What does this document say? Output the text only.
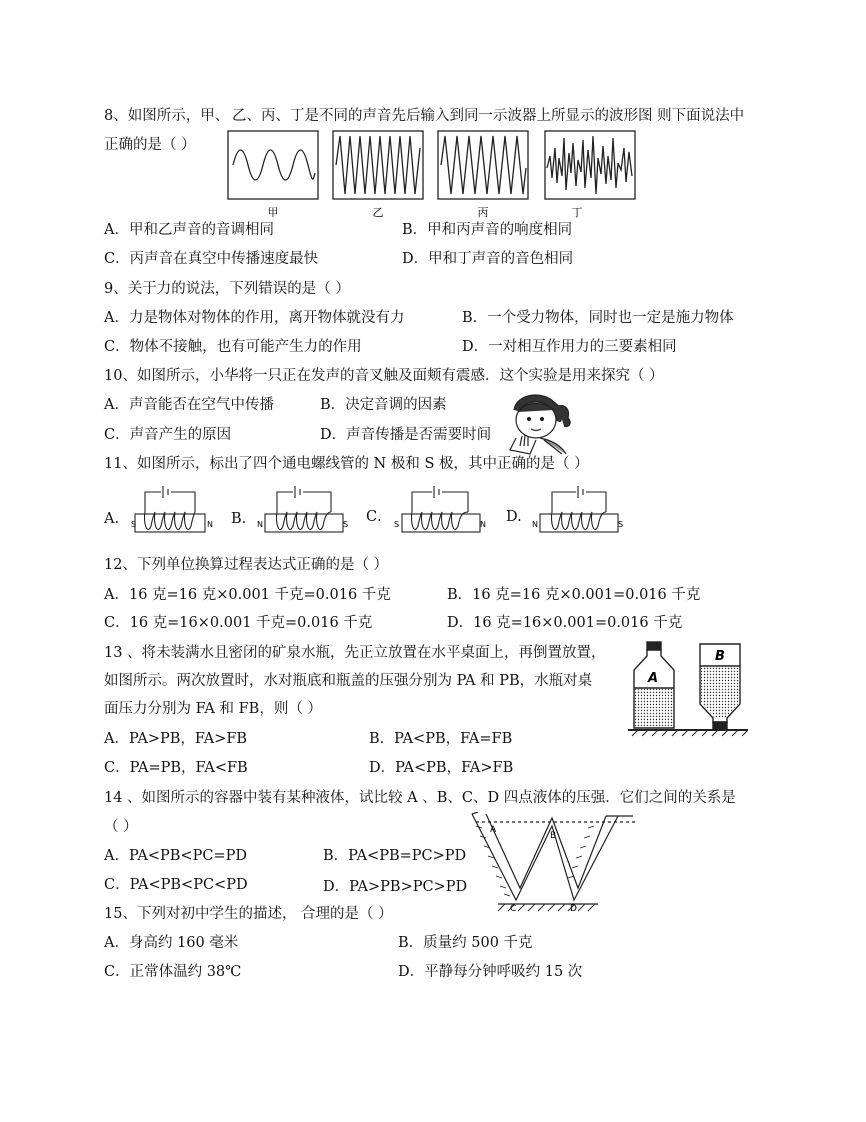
8、如图所示，甲、 乙、丙、丁是不同的声音先后输入到同一示波器上所显示的波形图 则下面说法中
正确的是（ ）
甲	乙	丙	丁
A．甲和乙声音的音调相同	B．甲和丙声音的响度相同
C．丙声音在真空中传播速度最快	D．甲和丁声音的音色相同
9、关于力的说法，下列错误的是（ ）
A．力是物体对物体的作用，离开物体就没有力	B．一个受力物体，同时也一定是施力物体
C．物体不接触，也有可能产生力的作用	D．一对相互作用力的三要素相同
10、如图所示，小华将一只正在发声的音叉触及面颊有震感．这个实验是用来探究（ ）
A．声音能否在空气中传播	B．决定音调的因素
C．声音产生的原因	D．声音传播是否需要时间
11、如图所示，标出了四个通电螺线管的 N 极和 S 极，其中正确的是（ ）
A.	B.	C．	D.
S	N	N	S	S	N	N	S
12、下列单位换算过程表达式正确的是（ ）
A．16 克=16 克×0.001 千克=0.016 千克	B．16 克=16 克×0.001=0.016 千克
C．16 克=16×0.001 千克=0.016 千克	D．16 克=16×0.001=0.016 千克
13 、将未装满水且密闭的矿泉水瓶，先正立放置在水平桌面上，再倒置放置，
如图所示。两次放置时，水对瓶底和瓶盖的压强分别为 PA 和 PB，水瓶对桌
面压力分别为 FA 和 FB，则（ ）
A．PA>PB，FA>FB	B．PA<PB，FA=FB
C．PA=PB，FA<FB	D．PA<PB，FA>FB
A
B
14 、如图所示的容器中装有某种液体，试比较 A 、B、C、D 四点液体的压强．它们之间的关系是
（ ）
A．PA<PB<PC=PD	B．PA<PB=PC>PD
C．PA<PB<PC<PD	D．PA>PB>PC>PD
A
B
C	D
15、下列对初中学生的描述， 合理的是（ ）
A．身高约 160 毫米	B．质量约 500 千克
C．正常体温约 38℃	D．平静每分钟呼吸约 15 次
